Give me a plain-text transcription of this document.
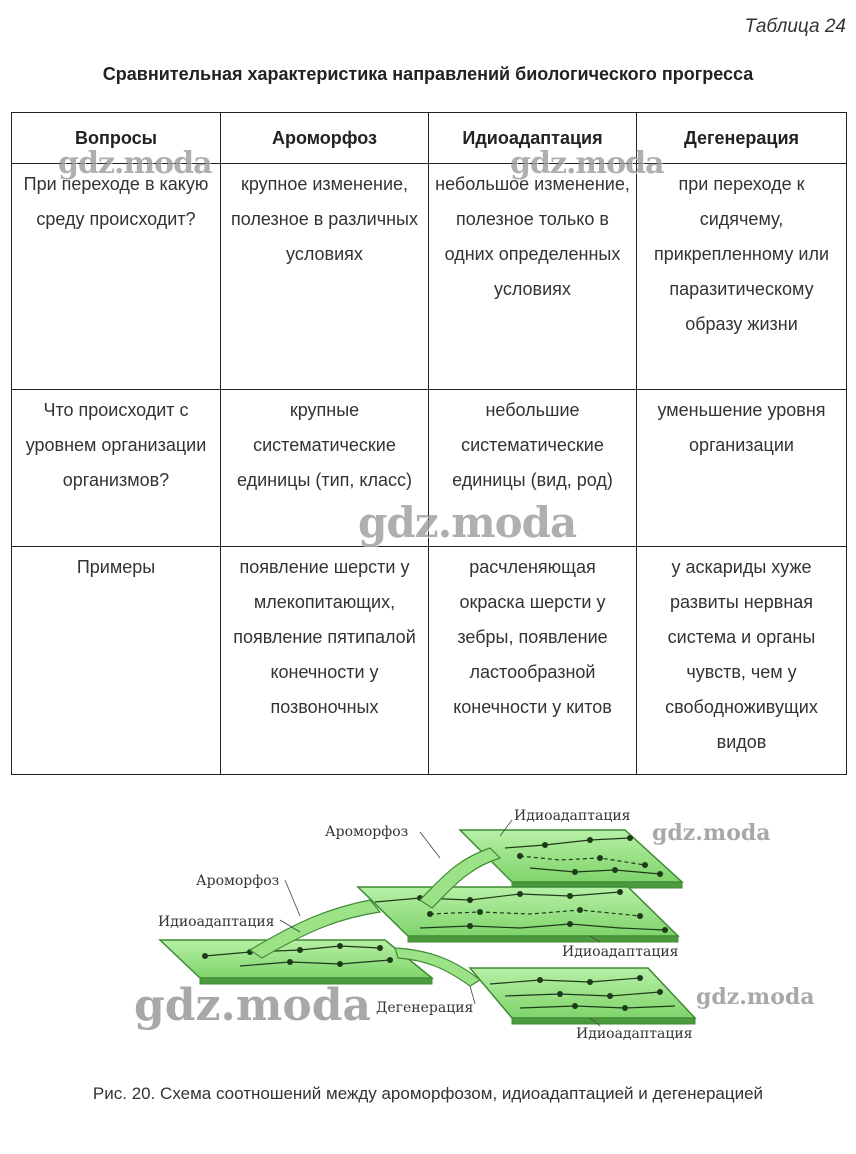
Таблица 24
Сравнительная характеристика направлений биологического прогресса
Вопросы	Ароморфоз	Идиоадаптация	Дегенерация
При переходе в какую среду происходит?	крупное изменение, полезное в различных условиях	небольшое изменение, полезное только в одних определенных условиях	при переходе к сидячему, прикрепленному или паразитическому образу жизни
Что происходит с уровнем организации организмов?	крупные систематические единицы (тип, класс)	небольшие систематические единицы (вид, род)	уменьшение уровня организации
Примеры	появление шерсти у млекопитающих, появление пятипалой конечности у позвоночных	расчленяющая окраска шерсти у зебры, появление ластообразной конечности у китов	у аскариды хуже развиты нервная система и органы чувств, чем у свободноживущих видов
gdz.moda	gdz.moda
gdz.moda
Идиоадаптация
Ароморфоз
Ароморфоз
Идиоадаптация
Идиоадаптация
Дегенерация
Идиоадаптация
gdz.moda
gdz.moda	gdz.moda
Рис. 20. Схема соотношений между ароморфозом, идиоадаптацией и дегенерацией
